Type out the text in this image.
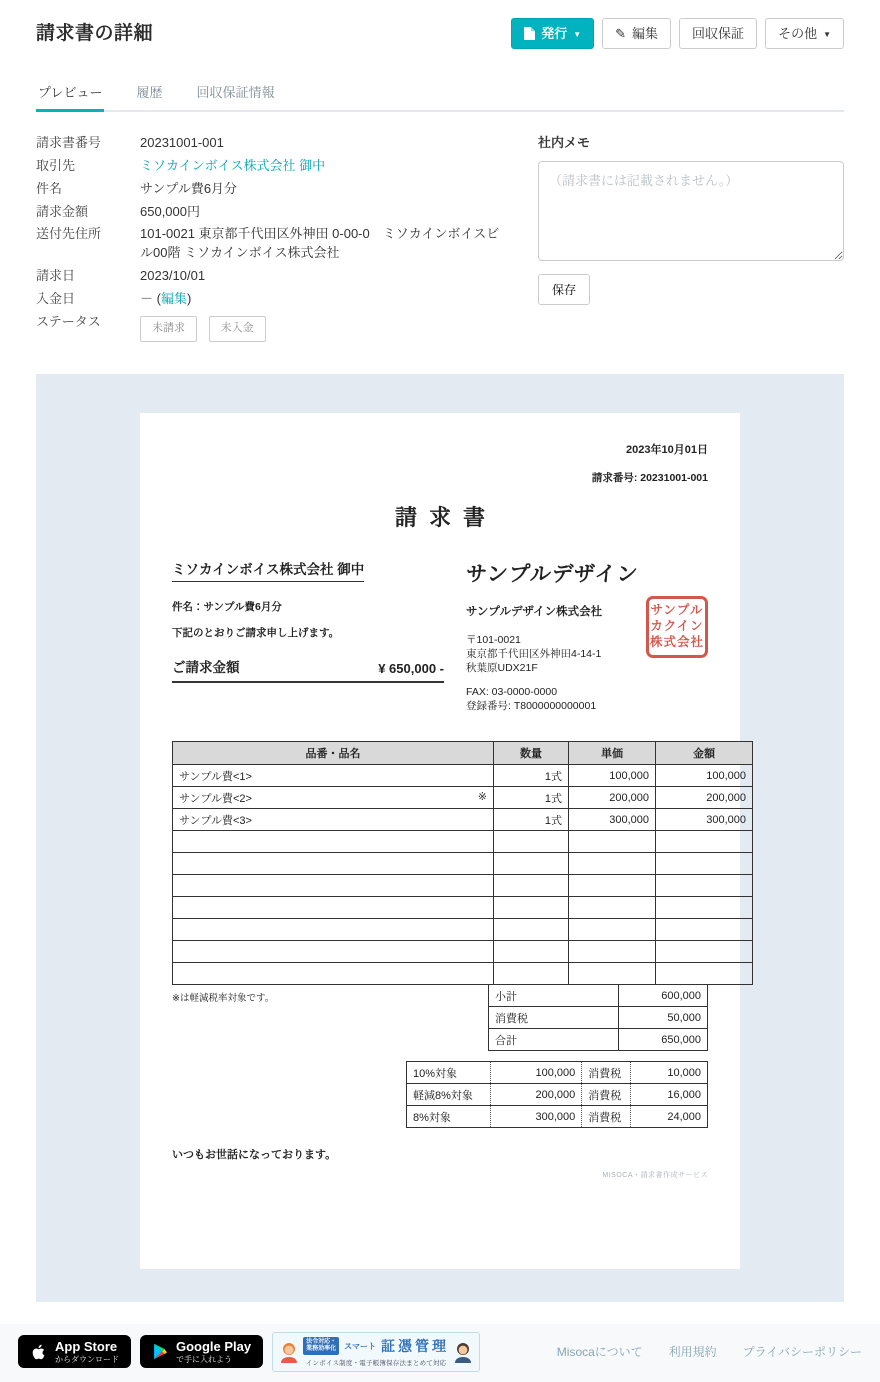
請求書の詳細	発行 ▼	✎ 編集	回収保証	その他 ▼
プレビュー	履歴	回収保証情報
請求書番号	20231001-001
取引先	ミソカインボイス株式会社 御中
件名	サンプル費6月分
請求金額	650,000円
送付先住所	101-0021 東京都千代田区外神田 0-00-0　ミソカインボイスビル00階 ミソカインボイス株式会社
請求日	2023/10/01
入金日	－ (編集)
ステータス	未請求	未入金
社内メモ
（請求書には記載されません。） 保存
2023年10月01日
請求番号: 20231001-001
請求書
ミソカインボイス株式会社 御中
件名：サンプル費6月分
下記のとおりご請求申し上げます。
ご請求金額	¥ 650,000 -
サンプルデザイン
サンプルデザイン株式会社
〒101-0021
東京都千代田区外神田4-14-1
秋葉原UDX21F
FAX: 03-0000-0000
登録番号: T8000000000001
サンプル
カクイン
株式会社
品番・品名	数量	単価	金額
サンプル費<1>	1式	100,000	100,000
サンプル費<2> ※	1式	200,000	200,000
サンプル費<3>	1式	300,000	300,000

※は軽減税率対象です。	小計	600,000
消費税	50,000
合計	650,000
10%対象	100,000	消費税	10,000
軽減8%対象	200,000	消費税	16,000
8%対象	300,000	消費税	24,000
いつもお世話になっております。
MISOCA・請求書作成サービス
App Store
からダウンロード
Google Play
で手に入れよう
法令対応・
業務効率化	スマート 証憑管理
インボイス制度・電子帳簿保存法まとめて対応
Misocaについて 利用規約 プライバシーポリシー
